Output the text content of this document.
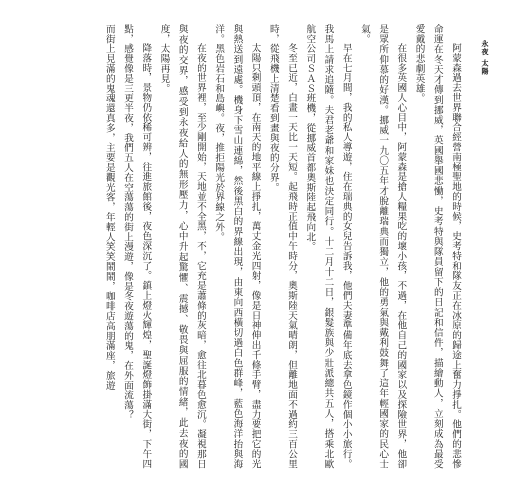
永夜 太陽

阿蒙森過去世界聯合經營南極聖地的時候，史考特和隊友正在冰原的歸途上奮力掙扎。他們的悲慘命運在冬天才傳到挪威，英國舉國悲慟，史考特與隊員留下的日記和信件，描繪動人，立刻成為最受愛戴的悲劇英雄。

在很多英國人心目中，阿蒙森是搶人糧果吃的壞小孩，不過，在他自己的國家以及探險世界，他卻是眾所仰慕的好漢。挪威一九〇五年才脫離瑞典而獨立，他的勇氣與戴利鼓舞了這年輕國家的民心士氣。

早在七月間，我的私人導遊，住在瑞典的女兒告訴我，他們夫妻準備年底去拿色鏡作個小小旅行。我馬上請求追隨。夫君老爺和家妹也決定同行。十二月十二日，銀髮族與少壯派總共五人，搭乘北歐航空公司ＳＡＳ班機，從挪威首都奧斯陸起飛向北。

冬至已近，白畫一天比一天短。起飛時正值中午時分，奧斯陸天氣晴朗，但離地面不過約三百公里時，從飛機上清楚看到畫與夜的分界。

太陽只剩頭頂，在南天的地平線上掙扎，萬丈金光四射，像是日神伸出千條手臂，盡力要把它的光與熱送到遠處。機身下雪山連綿，然後黑白的界線出現，由東向西橫切過白色群峰，藍色海洋抬與海洋。黑色岩石和島嶼。夜，推拒陽光於界線之外。

在夜的世界裡，至少剛開始，天地並不全黑，不，它充是蕭條的灰暗，愈往北暮色愈沉。凝視那日與夜的交界，感受到永夜給人的無形壓力，心中升起驚懼、震撼、敬畏與屈服的情緒，此去夜的國度，太陽再見。

降落時，景物仍依稀可辨，往進旅館後，夜色深沉了。鎮上燈火輝煌，聖誕燈飾掛滿大街，下午四點，感覺像是三更半夜，我們五人在空蕩蕩的街上漫遊，像是冬夜遊蕩的鬼，在外面流蕩？

而街上見滿的鬼魂還真多，主要是觀光客，年輕人笑笑鬧鬧，咖啡店高朋滿座，旅遊
